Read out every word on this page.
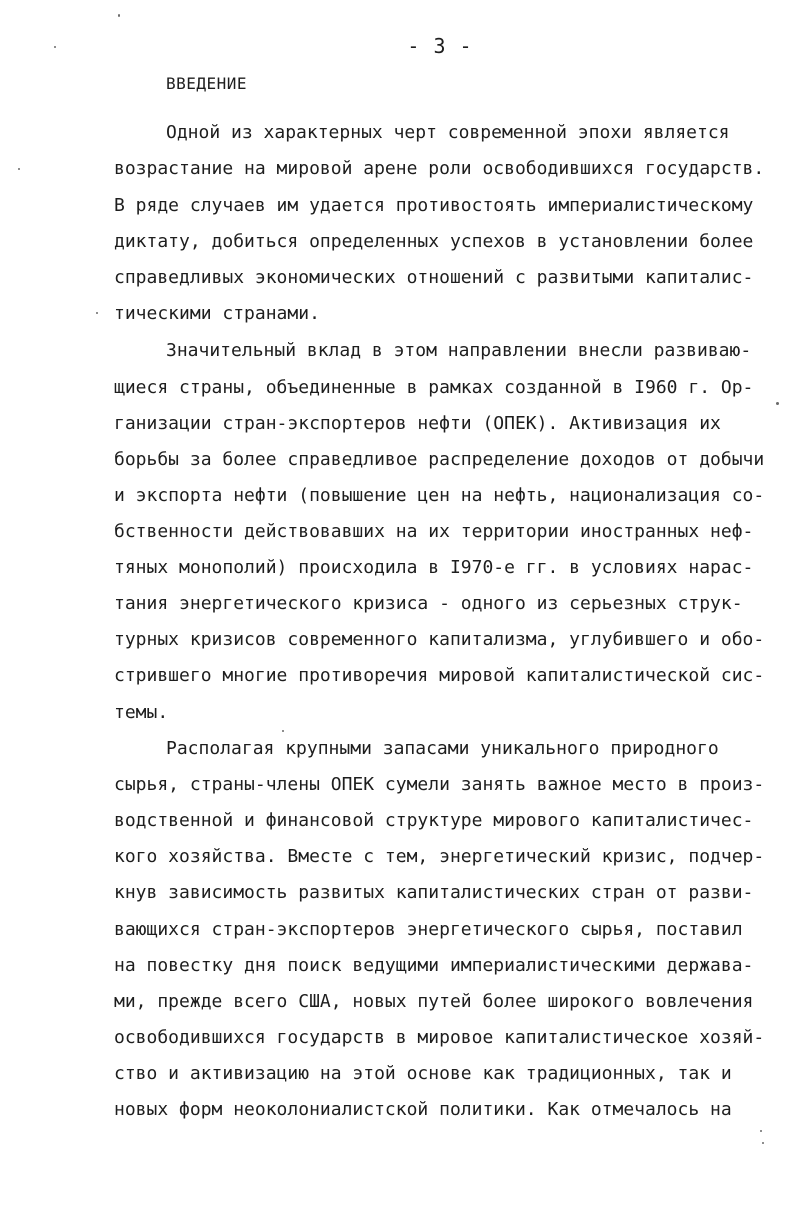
- 3 -
ВВЕДЕНИЕ
Одной из характерных черт современной эпохи является
возрастание на мировой арене роли освободившихся государств.
В ряде случаев им удается противостоять империалистическому
диктату, добиться определенных успехов в установлении более
справедливых экономических отношений с развитыми капиталис-
тическими странами.
Значительный вклад в этом направлении внесли развиваю-
щиеся страны, объединенные в рамках созданной в I960 г. Ор-
ганизации стран-экспортеров нефти (ОПЕК). Активизация их
борьбы за более справедливое распределение доходов от добычи
и экспорта нефти (повышение цен на нефть, национализация со-
бственности действовавших на их территории иностранных неф-
тяных монополий) происходила в I970-е гг. в условиях нарас-
тания энергетического кризиса - одного из серьезных струк-
турных кризисов современного капитализма, углубившего и обо-
стрившего многие противоречия мировой капиталистической сис-
темы.
Располагая крупными запасами уникального природного
сырья, страны-члены ОПЕК сумели занять важное место в произ-
водственной и финансовой структуре мирового капиталистичес-
кого хозяйства. Вместе с тем, энергетический кризис, подчер-
кнув зависимость развитых капиталистических стран от разви-
вающихся стран-экспортеров энергетического сырья, поставил
на повестку дня поиск ведущими империалистическими держава-
ми, прежде всего США, новых путей более широкого вовлечения
освободившихся государств в мировое капиталистическое хозяй-
ство и активизацию на этой основе как традиционных, так и
новых форм неоколониалистской политики. Как отмечалось на
